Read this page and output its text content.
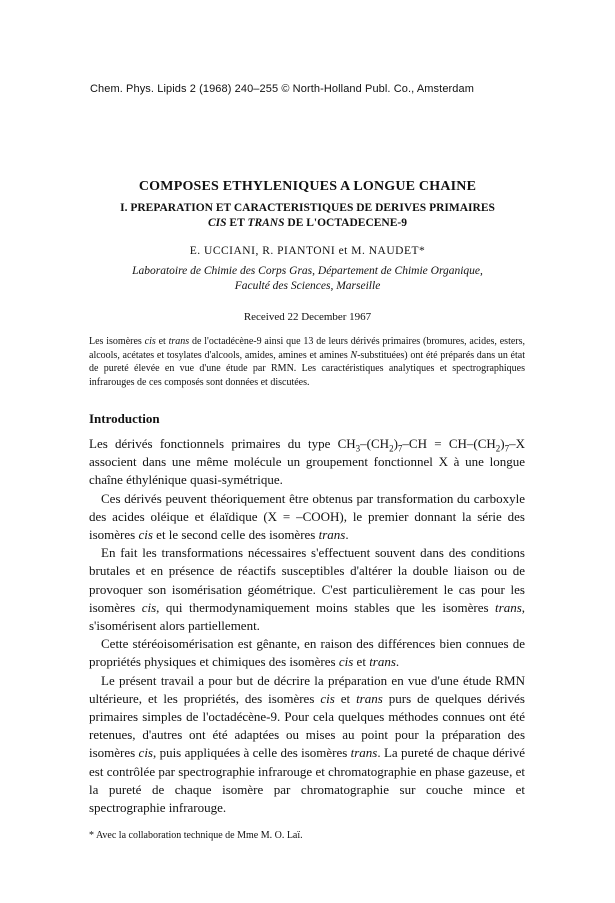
Chem. Phys. Lipids 2 (1968) 240–255 © North-Holland Publ. Co., Amsterdam
COMPOSES ETHYLENIQUES A LONGUE CHAINE
I. PREPARATION ET CARACTERISTIQUES DE DERIVES PRIMAIRES
CIS ET TRANS DE L'OCTADECENE-9
E. UCCIANI, R. PIANTONI et M. NAUDET*
Laboratoire de Chimie des Corps Gras, Département de Chimie Organique,
Faculté des Sciences, Marseille
Received 22 December 1967
Les isomères cis et trans de l'octadécène-9 ainsi que 13 de leurs dérivés primaires (bromures, acides, esters, alcools, acétates et tosylates d'alcools, amides, amines et amines N-substituées) ont été préparés dans un état de pureté élevée en vue d'une étude par RMN. Les caractéristiques analytiques et spectrographiques infrarouges de ces composés sont données et discutées.
Introduction

Les dérivés fonctionnels primaires du type $CH_3-(CH_2)_7-CH = CH-(CH_2)_7-X$ associent dans une même molécule un groupement fonctionnel X à une longue chaîne éthylénique quasi-symétrique.

Ces dérivés peuvent théoriquement être obtenus par transformation du carboxyle des acides oléique et élaïdique (X = –COOH), le premier donnant la série des isomères cis et le second celle des isomères trans.

En fait les transformations nécessaires s'effectuent souvent dans des conditions brutales et en présence de réactifs susceptibles d'altérer la double liaison ou de provoquer son isomérisation géométrique. C'est particulièrement le cas pour les isomères cis, qui thermodynamiquement moins stables que les isomères trans, s'isomérisent alors partiellement.

Cette stéréoisomérisation est gênante, en raison des différences bien connues de propriétés physiques et chimiques des isomères cis et trans.

Le présent travail a pour but de décrire la préparation en vue d'une étude RMN ultérieure, et les propriétés, des isomères cis et trans purs de quelques dérivés primaires simples de l'octadécène-9. Pour cela quelques méthodes connues ont été retenues, d'autres ont été adaptées ou mises au point pour la préparation des isomères cis, puis appliquées à celle des isomères trans. La pureté de chaque dérivé est contrôlée par spectrographie infrarouge et chromatographie en phase gazeuse, et la pureté de chaque isomère par chromatographie sur couche mince et spectrographie infrarouge.

* Avec la collaboration technique de Mme M. O. Laï.
